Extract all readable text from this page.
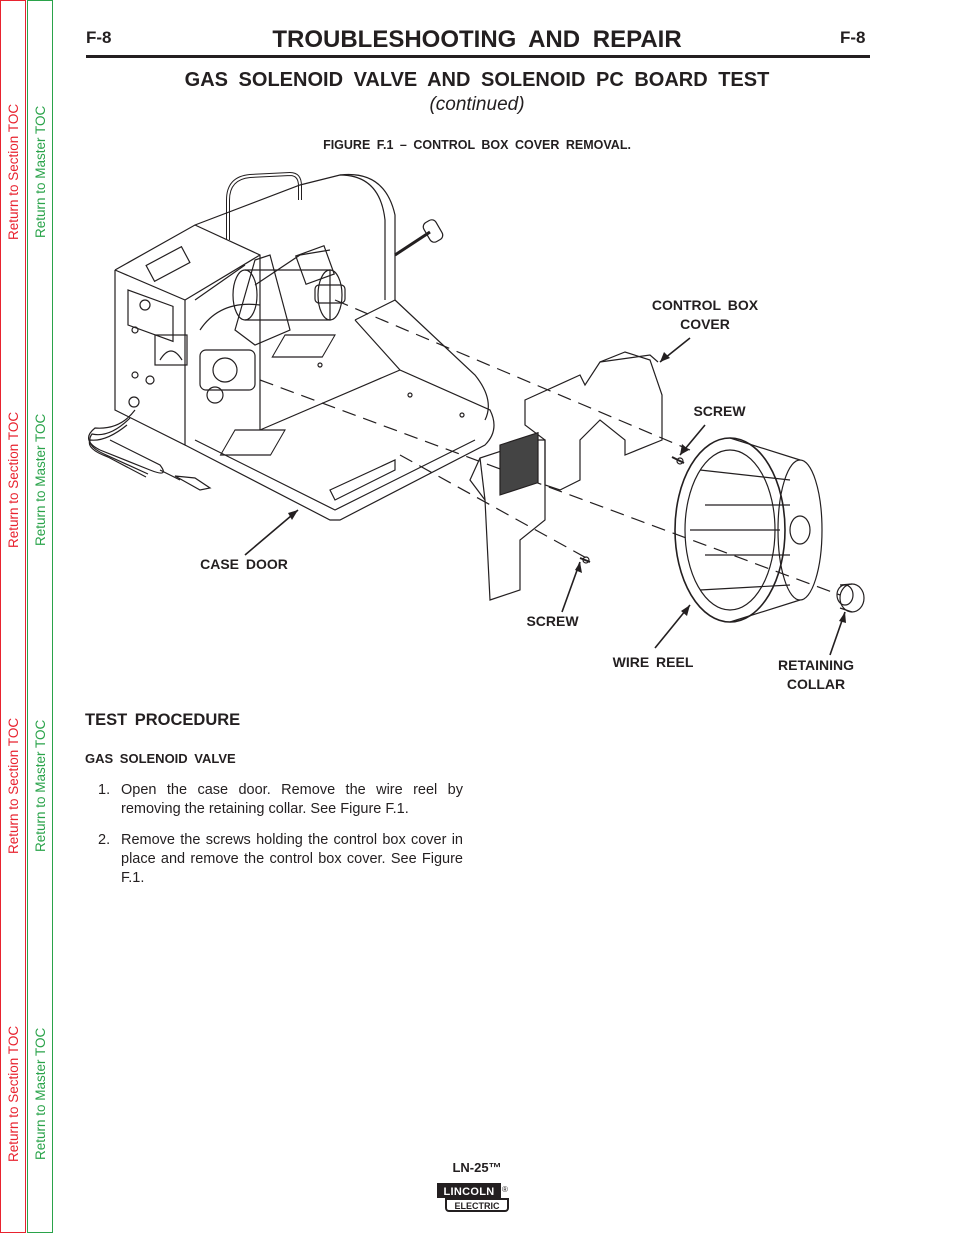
Return to Section TOC Return to Master TOC
Return to Section TOC Return to Master TOC
Return to Section TOC Return to Master TOC
Return to Section TOC Return to Master TOC
F-8	F-8
TROUBLESHOOTING AND REPAIR
GAS SOLENOID VALVE AND SOLENOID PC BOARD TEST
(continued)
FIGURE F.1 – CONTROL BOX COVER REMOVAL.
CONTROL BOX
COVER
SCREW
CASE DOOR
SCREW
WIRE REEL	RETAINING
COLLAR
TEST PROCEDURE
GAS SOLENOID VALVE
1. Open the case door. Remove the wire reel by removing the retaining collar. See Figure F.1.
2. Remove the screws holding the control box cover in place and remove the control box cover. See Figure F.1.
LN-25™
LINCOLN
ELECTRIC
®
